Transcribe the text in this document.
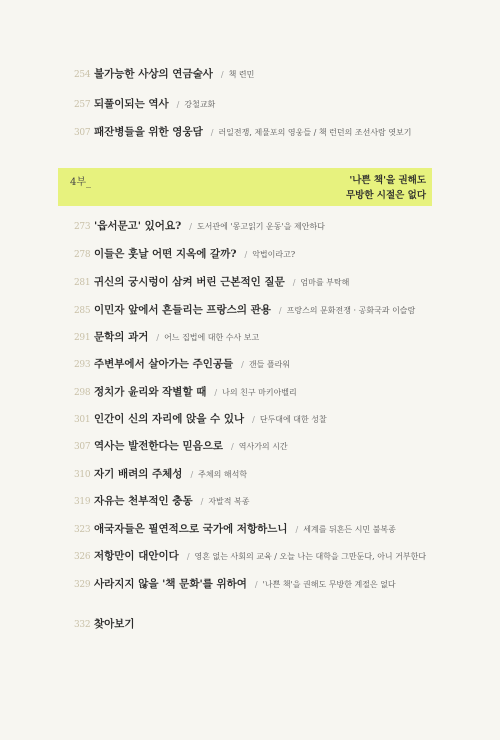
254 불가능한 사상의 연금술사	/ 책 련민
257 되풀이되는 역사	/ 강철교화
307 패잔병들을 위한 영웅담	/ 러일전쟁, 제물포의 영웅들 / 책 런던의 조선사람 엿보기
4부_	'나쁜 책'을 권해도
무방한 시절은 없다
273 '읍서문고' 있어요?	/ 도서관에 '몽고읽기 운동'을 제안하다
278 이들은 훗날 어떤 지옥에 갈까?	/ 악법이라고?
281 귀신의 궁시렁이 삼켜 버린 근본적인 질문	/ 엄마를 부탁해
285 이민자 앞에서 흔들리는 프랑스의 관용	/ 프랑스의 문화전쟁 · 공화국과 이슬람
291 문학의 과거	/ 어느 집법에 대한 수사 보고
293 주변부에서 살아가는 주인공들	/ 갠들 플라워
298 정치가 윤리와 작별할 때	/ 나의 친구 마키아벨리
301 인간이 신의 자리에 앉을 수 있나	/ 단두대에 대한 성찰
307 역사는 발전한다는 믿음으로	/ 역사가의 시간
310 자기 배려의 주체성	/ 주체의 해석학
319 자유는 천부적인 충동	/ 자발적 복종
323 애국자들은 필연적으로 국가에 저항하느니	/ 세계를 뒤흔든 시민 불복종
326 저항만이 대안이다	/ 영혼 없는 사회의 교육 / 오늘 나는 대학을 그만둔다, 아니 거부한다
329 사라지지 않을 '책 문화'를 위하여	/ '나쁜 책'을 권해도 무방한 계절은 없다
332 찾아보기
